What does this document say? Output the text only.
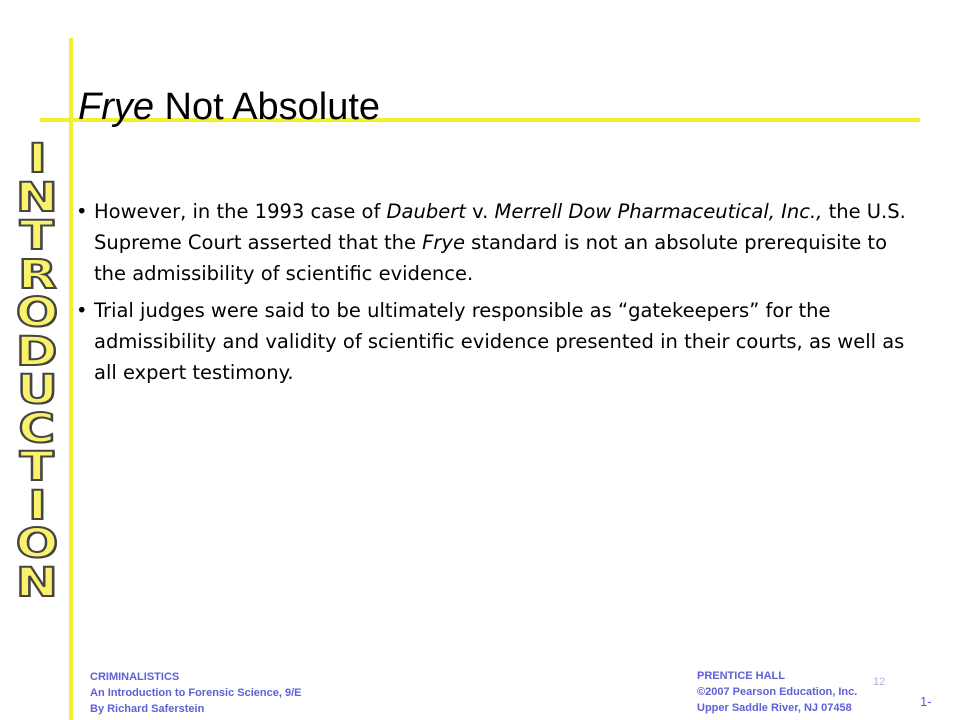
I
N
T
R
O
D
U
C
T
I
O
N
Frye Not Absolute
• However, in the 1993 case of Daubert v. Merrell Dow Pharmaceutical, Inc., the U.S. Supreme Court asserted that the Frye standard is not an absolute prerequisite to the admissibility of scientific evidence.
• Trial judges were said to be ultimately responsible as “gatekeepers” for the admissibility and validity of scientific evidence presented in their courts, as well as all expert testimony.
CRIMINALISTICS
An Introduction to Forensic Science, 9/E
By Richard Saferstein
PRENTICE HALL
©2007 Pearson Education, Inc.
Upper Saddle River, NJ 07458
12
1-
